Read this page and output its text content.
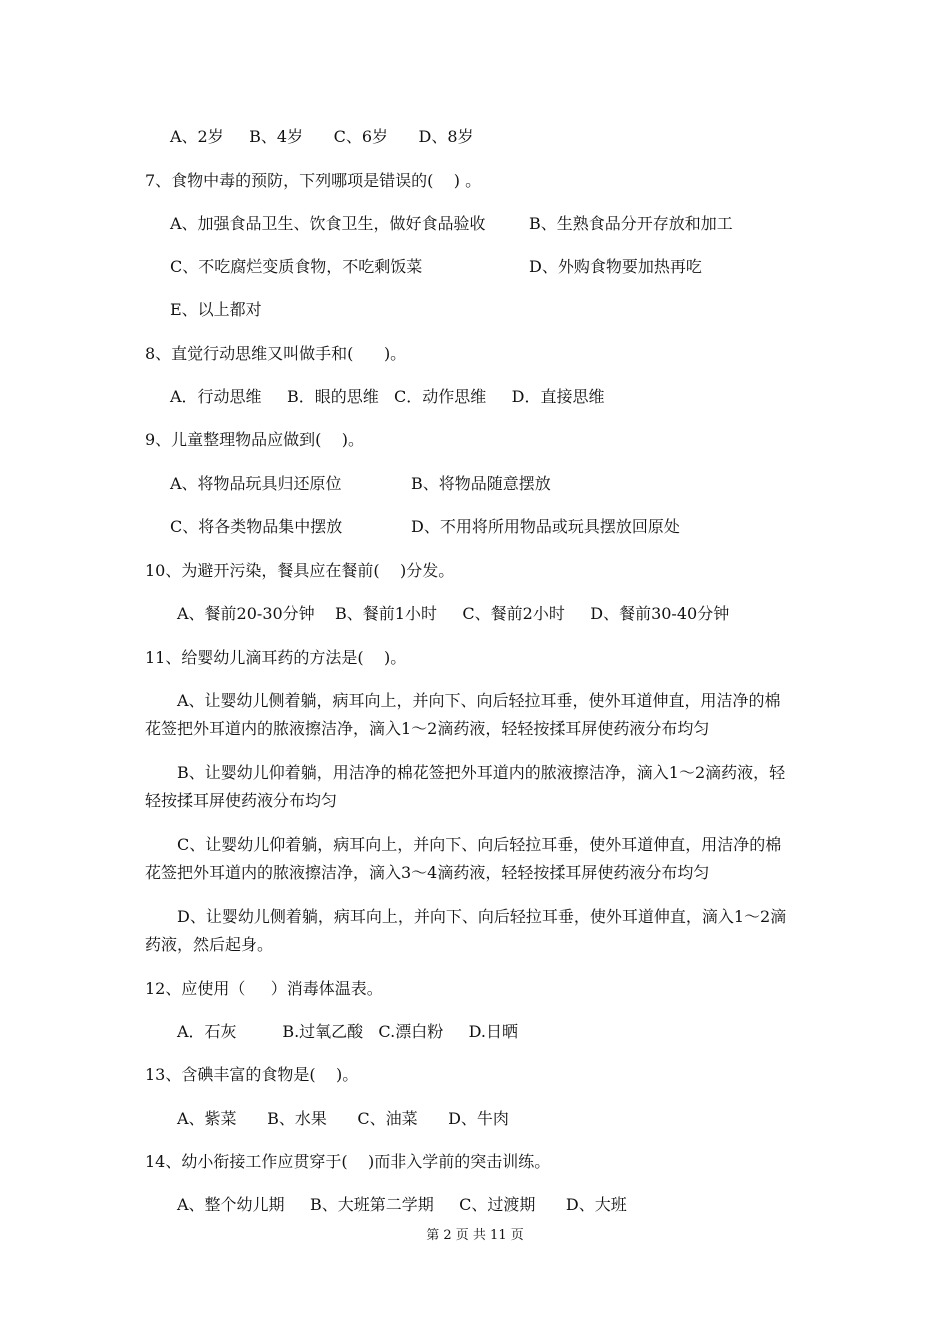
A、2岁     B、4岁      C、6岁      D、8岁
7、食物中毒的预防，下列哪项是错误的(    ) 。
A、加强食品卫生、饮食卫生，做好食品验收	B、生熟食品分开存放和加工
C、不吃腐烂变质食物，不吃剩饭菜	D、外购食物要加热再吃
E、以上都对
8、直觉行动思维又叫做手和(      )。
A．行动思维     B．眼的思维   C．动作思维     D．直接思维
9、儿童整理物品应做到(    )。
A、将物品玩具归还原位	B、将物品随意摆放
C、将各类物品集中摆放	D、不用将所用物品或玩具摆放回原处
10、为避开污染，餐具应在餐前(    )分发。
A、餐前20-30分钟    B、餐前1小时     C、餐前2小时     D、餐前30-40分钟
11、给婴幼儿滴耳药的方法是(    )。
A、让婴幼儿侧着躺，病耳向上，并向下、向后轻拉耳垂，使外耳道伸直，用洁净的棉
花签把外耳道内的脓液擦洁净，滴入1～2滴药液，轻轻按揉耳屏使药液分布均匀
B、让婴幼儿仰着躺，用洁净的棉花签把外耳道内的脓液擦洁净，滴入1～2滴药液，轻
轻按揉耳屏使药液分布均匀
C、让婴幼儿仰着躺，病耳向上，并向下、向后轻拉耳垂，使外耳道伸直，用洁净的棉
花签把外耳道内的脓液擦洁净，滴入3～4滴药液，轻轻按揉耳屏使药液分布均匀
D、让婴幼儿侧着躺，病耳向上，并向下、向后轻拉耳垂，使外耳道伸直，滴入1～2滴
药液，然后起身。
12、应使用（     ）消毒体温表。
A．石灰         B.过氧乙酸   C.漂白粉     D.日晒
13、含碘丰富的食物是(    )。
A、紫菜      B、水果      C、油菜      D、牛肉
14、幼小衔接工作应贯穿于(    )而非入学前的突击训练。
A、整个幼儿期     B、大班第二学期     C、过渡期      D、大班
第 2 页 共 11 页
